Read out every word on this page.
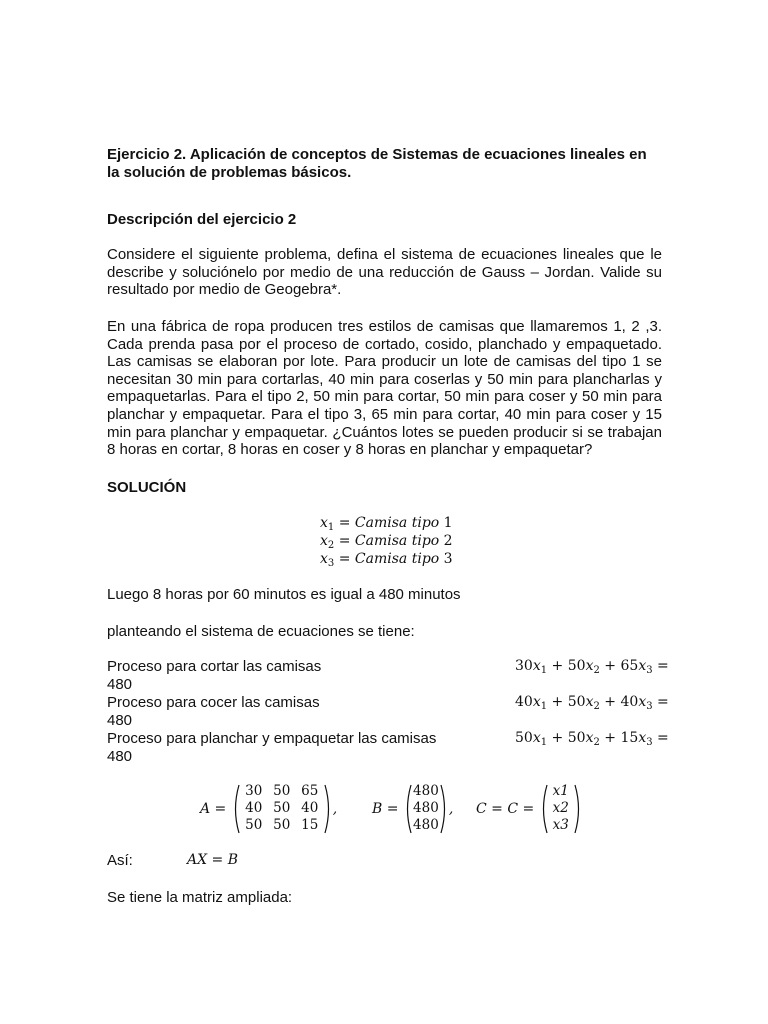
Ejercicio 2. Aplicación de conceptos de Sistemas de ecuaciones lineales en la solución de problemas básicos.
Descripción del ejercicio 2

Considere el siguiente problema, defina el sistema de ecuaciones lineales que le describe y soluciónelo por medio de una reducción de Gauss – Jordan. Valide su resultado por medio de Geogebra*.

En una fábrica de ropa producen tres estilos de camisas que llamaremos 1, 2 ,3. Cada prenda pasa por el proceso de cortado, cosido, planchado y empaquetado. Las camisas se elaboran por lote. Para producir un lote de camisas del tipo 1 se necesitan 30 min para cortarlas, 40 min para coserlas y 50 min para plancharlas y empaquetarlas. Para el tipo 2, 50 min para cortar, 50 min para coser y 50 min para planchar y empaquetar. Para el tipo 3, 65 min para cortar, 40 min para coser y 15 min para planchar y empaquetar. ¿Cuántos lotes se pueden producir si se trabajan 8 horas en cortar, 8 horas en coser y 8 horas en planchar y empaquetar?

SOLUCIÓN
$x_1$ = Camisa tipo 1
$x_2$ = Camisa tipo 2
$x_3$ = Camisa tipo 3
Luego 8 horas por 60 minutos es igual a 480 minutos
planteando el sistema de ecuaciones se tiene:
Proceso para cortar las camisas	$30x_1 + 50x_2 + 65x_3$ =
480
Proceso para cocer las camisas	$40x_1 + 50x_2 + 40x_3$ =
480
Proceso para planchar y empaquetar las camisas	$50x_1 + 50x_2 + 15x_3$ =
480
A =
30 50 65
40 50 40
50 50 15
, B =
480
480
480
, C = C =
x1
x2
x3
Así:	AX = B
Se tiene la matriz ampliada:
